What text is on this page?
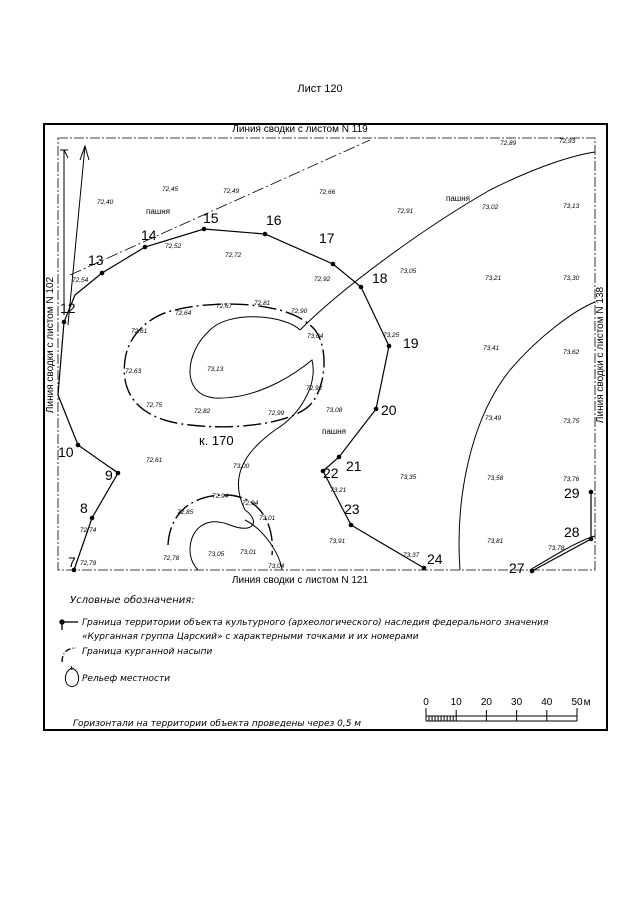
Лист 120
Линия сводки с листом N 119
Линия сводки с листом N 121
Линия сводки с листом N 102	Линия сводки с листом N 138
7
8
9
10
12
13
14
15	16
17
18
19
20
21
22
23
24
27
28
29
72,40
72,45	72,49	72,66
72,89	72,93
72,91
73,02	73,13
72,54
72,52
72,72
72,92
73,05
73,21	73,30
72,64
72,67	72,81
72,90
73,04	73,25
72,61
72,63	73,13
73,41
73,62
72,75
72,82	72,99
72,92
73,08
73,49	73,75
72,61
73,00
73,35	73,58	73,76
72,94
72,94
72,85
73,01
73,21
72,74
72,78
72,79
73,05 73,01
73,04
73,91
73,37
73,81
73,78
пашня
пашня
пашня
к. 170
Условные обозначения:
Граница территории объекта культурного (археологического) наследия федерального значения
«Курганная группа Царский» с характерными точками и их номерами
Граница курганной насыпи
Рельеф местности
Горизонтали на территории объекта проведены через 0,5 м
0 10 20 30 40 50 м
